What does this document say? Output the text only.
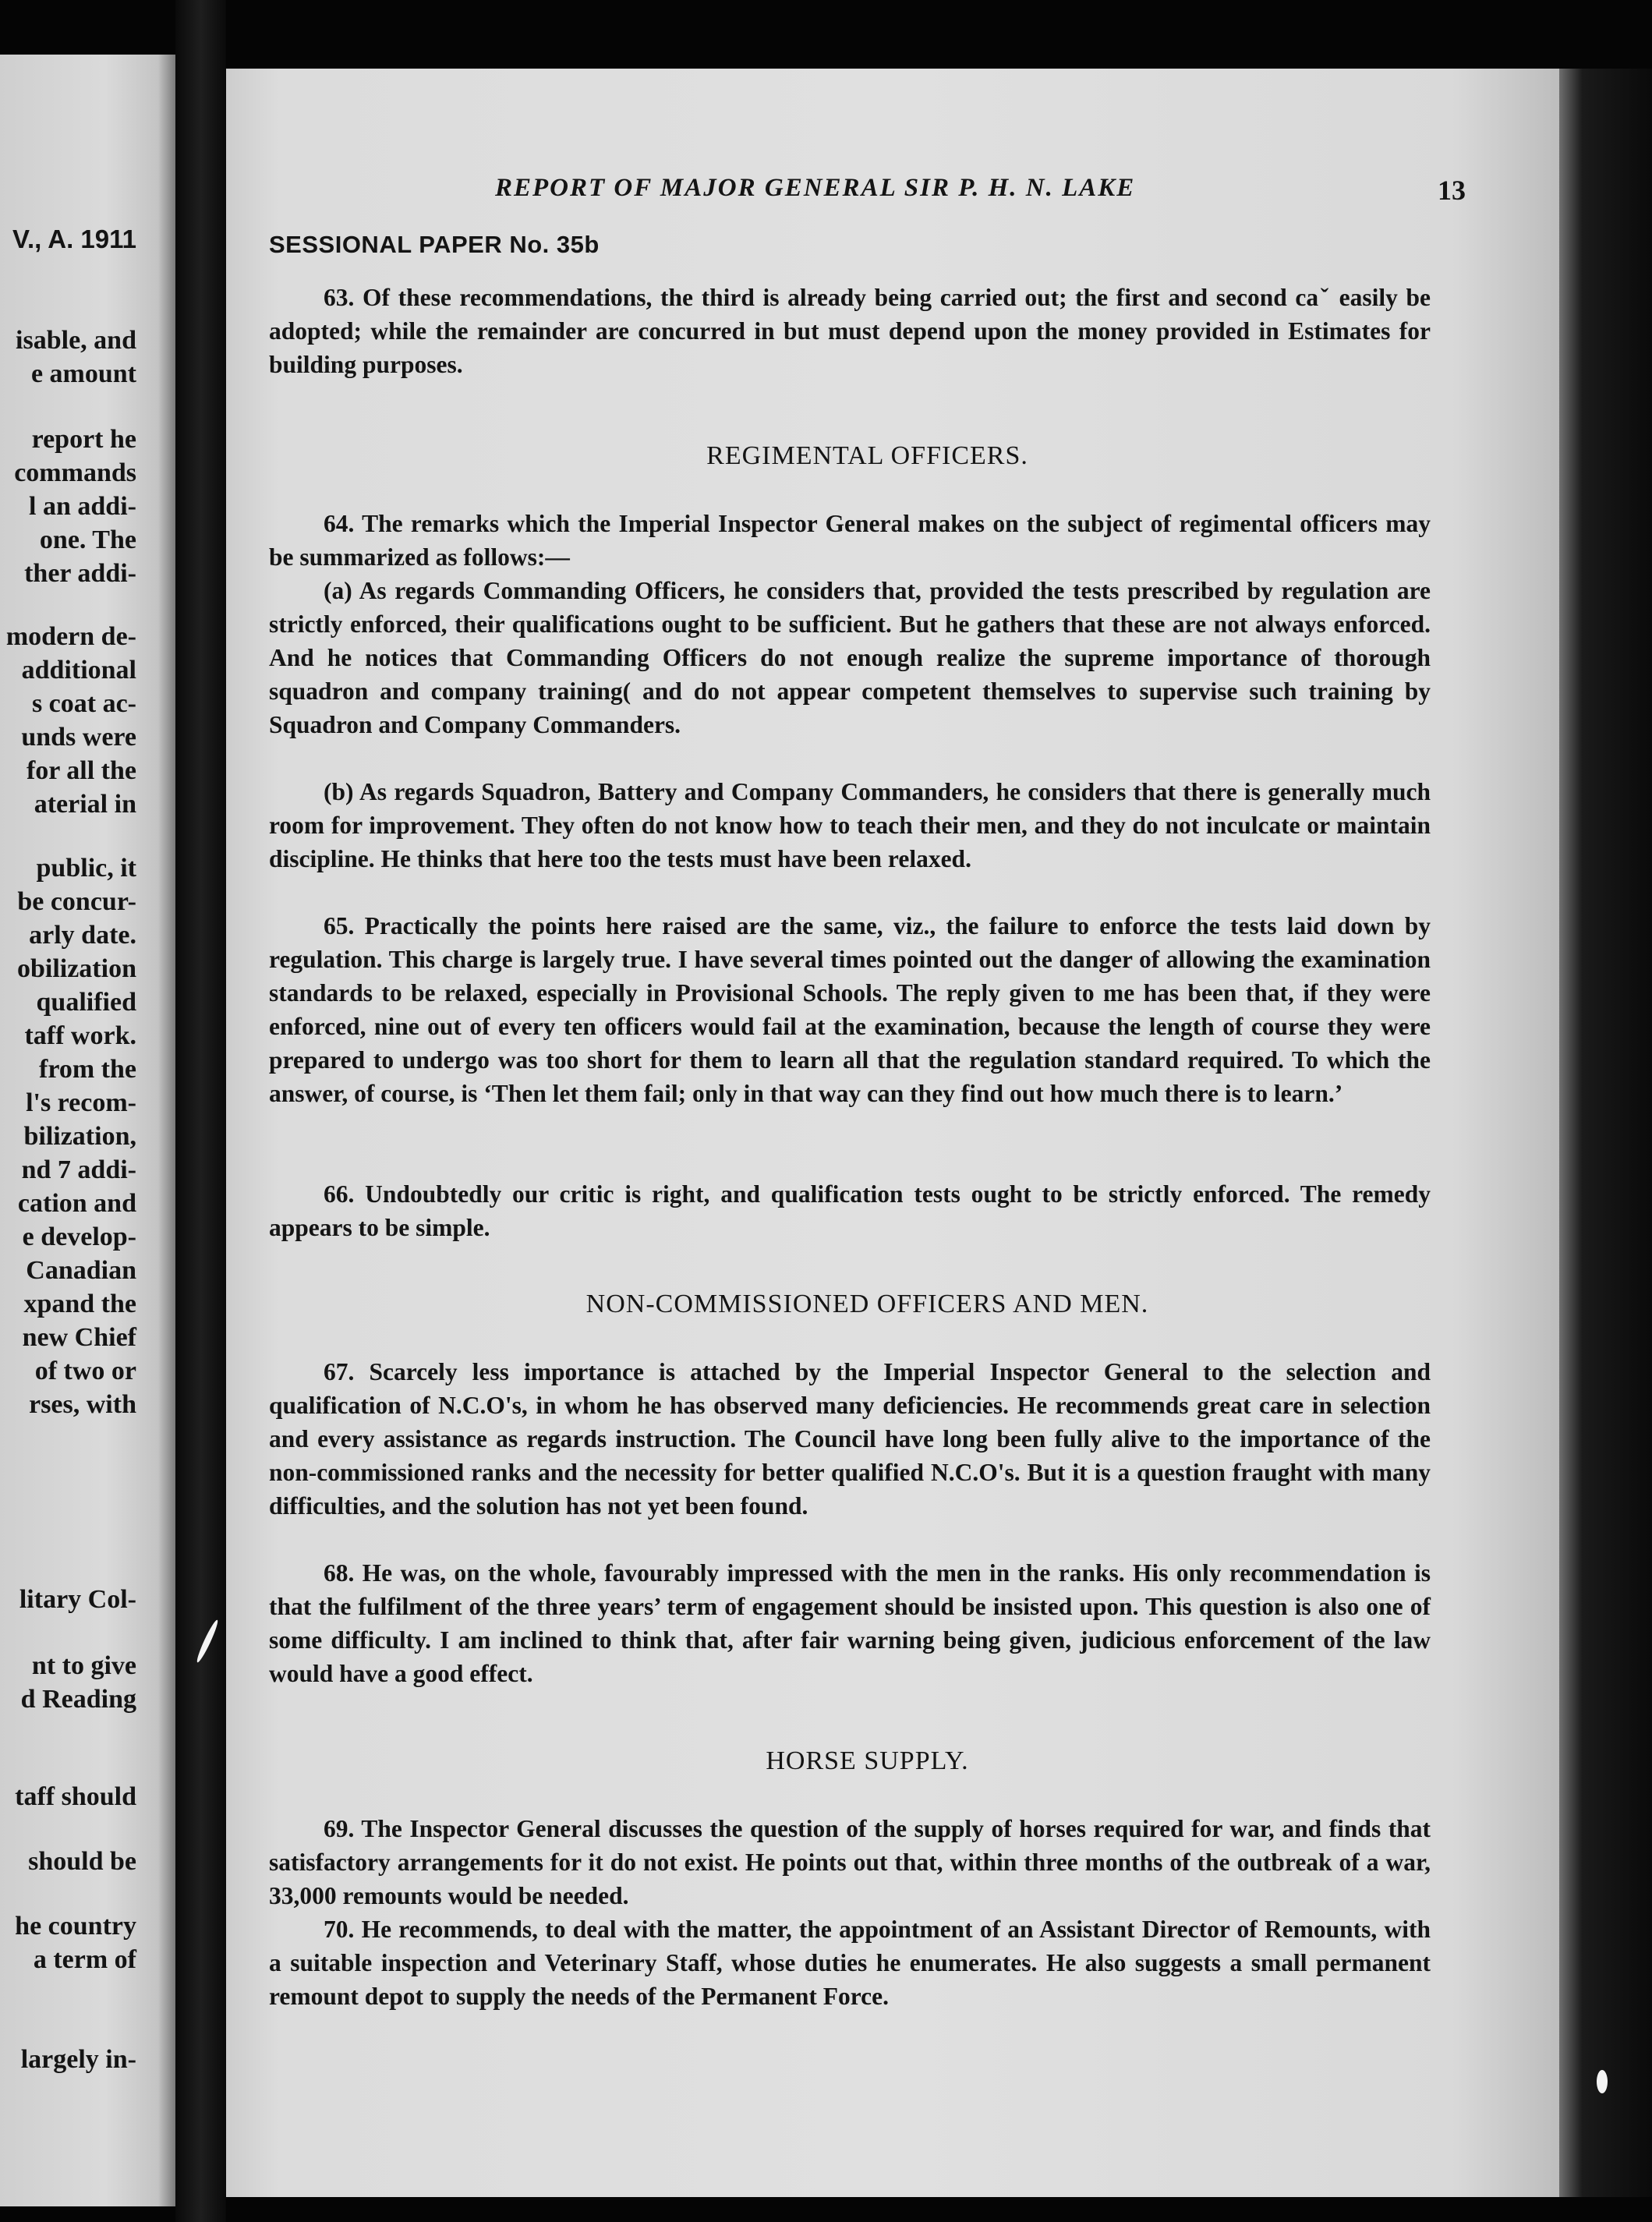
V., A. 1911
isable, and
e amount
report he
commands
l an addi-
one. The
ther addi-
modern de-
additional
s coat ac-
unds were
for all the
aterial in
public, it
be concur-
arly date.
obilization
qualified
taff work.
from the
l's recom-
bilization,
nd 7 addi-
cation and
e develop-
Canadian
xpand the
new Chief
of two or
rses, with
litary Col-
nt to give
d Reading
taff should
should be
he country
a term of
largely in-
REPORT OF MAJOR GENERAL SIR P. H. N. LAKE	13
SESSIONAL PAPER No. 35b

63. Of these recommendations, the third is already being carried out; the first and second caˇ easily be adopted; while the remainder are concurred in but must depend upon the money provided in Estimates for building purposes.

REGIMENTAL OFFICERS.

64. The remarks which the Imperial Inspector General makes on the subject of regimental officers may be summarized as follows:—

(a) As regards Commanding Officers, he considers that, provided the tests prescribed by regulation are strictly enforced, their qualifications ought to be sufficient. But he gathers that these are not always enforced. And he notices that Commanding Officers do not enough realize the supreme importance of thorough squadron and company training( and do not appear competent themselves to supervise such training by Squadron and Company Commanders.

(b) As regards Squadron, Battery and Company Commanders, he considers that there is generally much room for improvement. They often do not know how to teach their men, and they do not inculcate or maintain discipline. He thinks that here too the tests must have been relaxed.

65. Practically the points here raised are the same, viz., the failure to enforce the tests laid down by regulation. This charge is largely true. I have several times pointed out the danger of allowing the examination standards to be relaxed, especially in Provisional Schools. The reply given to me has been that, if they were enforced, nine out of every ten officers would fail at the examination, because the length of course they were prepared to undergo was too short for them to learn all that the regulation standard required. To which the answer, of course, is ‘Then let them fail; only in that way can they find out how much there is to learn.’

66. Undoubtedly our critic is right, and qualification tests ought to be strictly enforced. The remedy appears to be simple.

NON-COMMISSIONED OFFICERS AND MEN.

67. Scarcely less importance is attached by the Imperial Inspector General to the selection and qualification of N.C.O's, in whom he has observed many deficiencies. He recommends great care in selection and every assistance as regards instruction. The Council have long been fully alive to the importance of the non-commissioned ranks and the necessity for better qualified N.C.O's. But it is a question fraught with many difficulties, and the solution has not yet been found.

68. He was, on the whole, favourably impressed with the men in the ranks. His only recommendation is that the fulfilment of the three years’ term of engagement should be insisted upon. This question is also one of some difficulty. I am inclined to think that, after fair warning being given, judicious enforcement of the law would have a good effect.

HORSE SUPPLY.

69. The Inspector General discusses the question of the supply of horses required for war, and finds that satisfactory arrangements for it do not exist. He points out that, within three months of the outbreak of a war, 33,000 remounts would be needed.

70. He recommends, to deal with the matter, the appointment of an Assistant Director of Remounts, with a suitable inspection and Veterinary Staff, whose duties he enumerates. He also suggests a small permanent remount depot to supply the needs of the Permanent Force.
